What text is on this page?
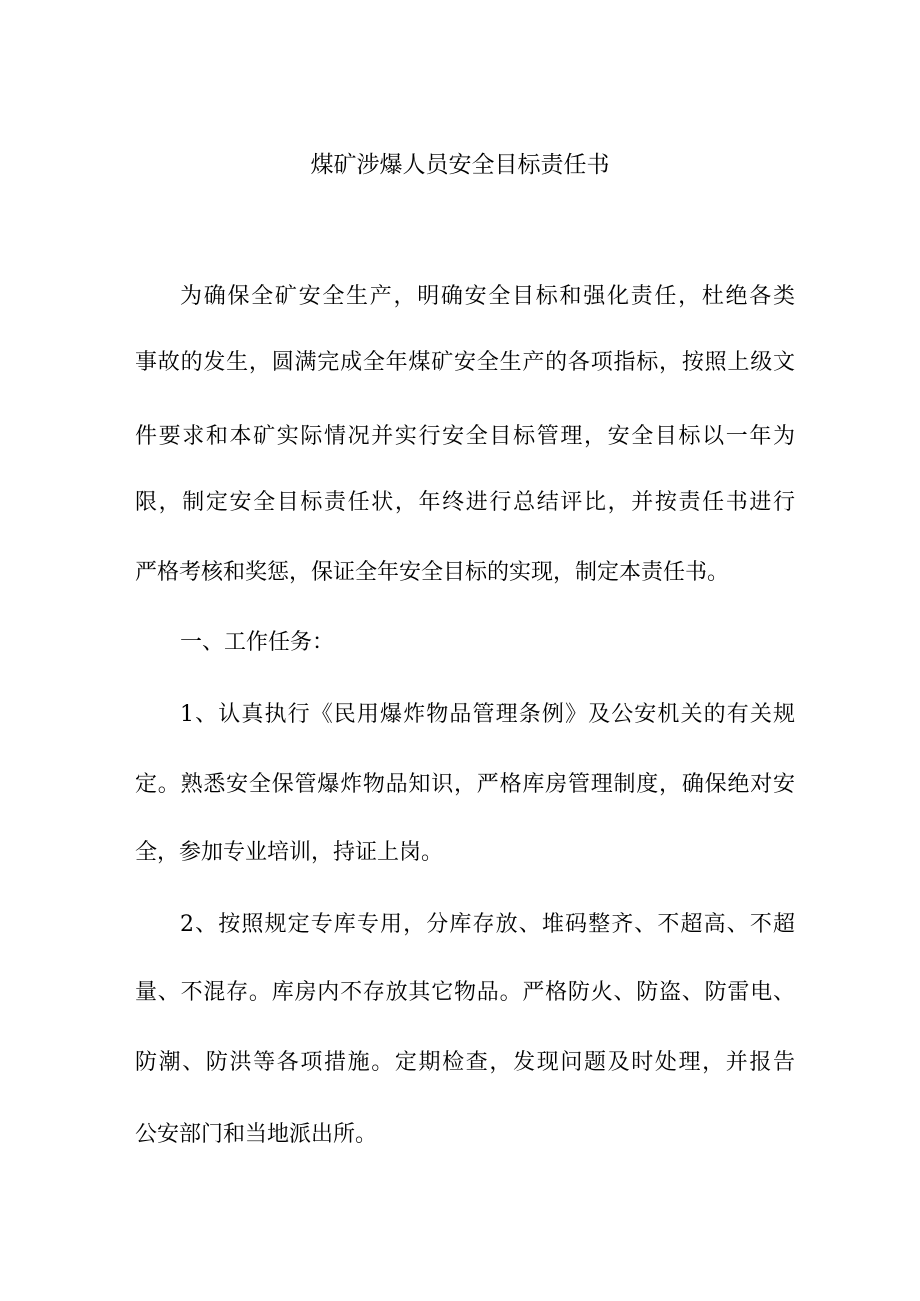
煤矿涉爆人员安全目标责任书

为确保全矿安全生产，明确安全目标和强化责任，杜绝各类

事故的发生，圆满完成全年煤矿安全生产的各项指标，按照上级文

件要求和本矿实际情况并实行安全目标管理，安全目标以一年为

限，制定安全目标责任状，年终进行总结评比，并按责任书进行

严格考核和奖惩，保证全年安全目标的实现，制定本责任书。

一、工作任务：

1、认真执行《民用爆炸物品管理条例》及公安机关的有关规

定。熟悉安全保管爆炸物品知识，严格库房管理制度，确保绝对安

全，参加专业培训，持证上岗。

2、按照规定专库专用，分库存放、堆码整齐、不超高、不超

量、不混存。库房内不存放其它物品。严格防火、防盗、防雷电、

防潮、防洪等各项措施。定期检查，发现问题及时处理，并报告

公安部门和当地派出所。
